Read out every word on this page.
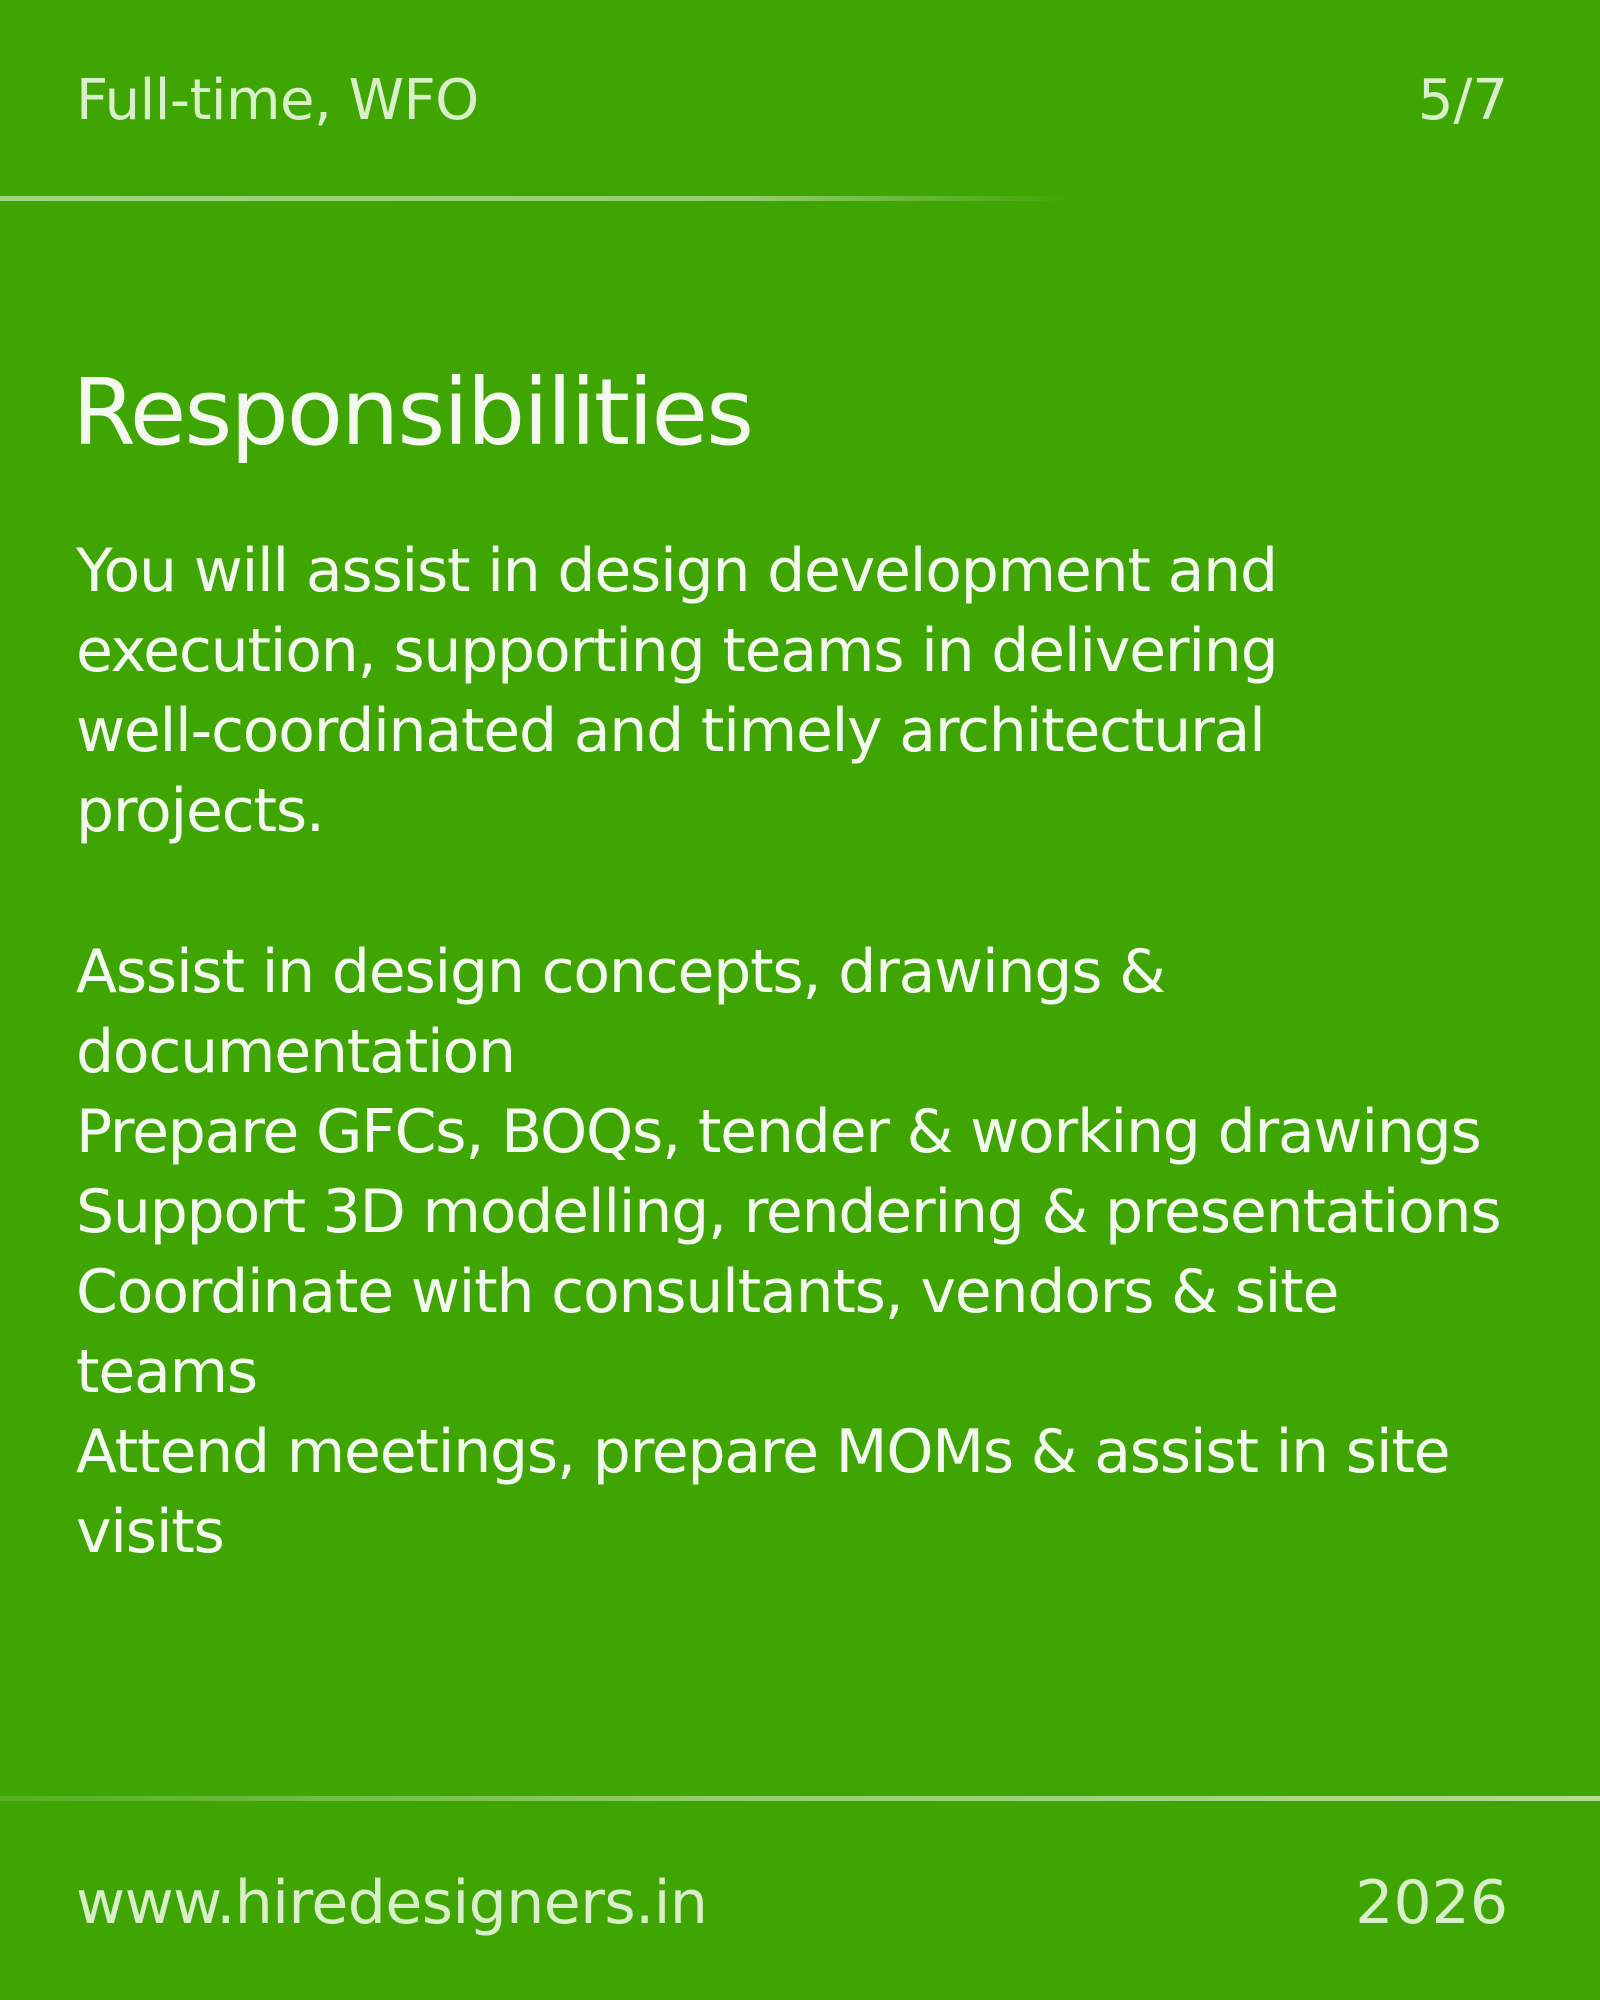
Full-time, WFO	5/7
Responsibilities
You will assist in design development and
execution, supporting teams in delivering
well-coordinated and timely architectural
projects.
Assist in design concepts, drawings &
documentation
Prepare GFCs, BOQs, tender & working drawings
Support 3D modelling, rendering & presentations
Coordinate with consultants, vendors & site
teams
Attend meetings, prepare MOMs & assist in site
visits
www.hiredesigners.in	2026
